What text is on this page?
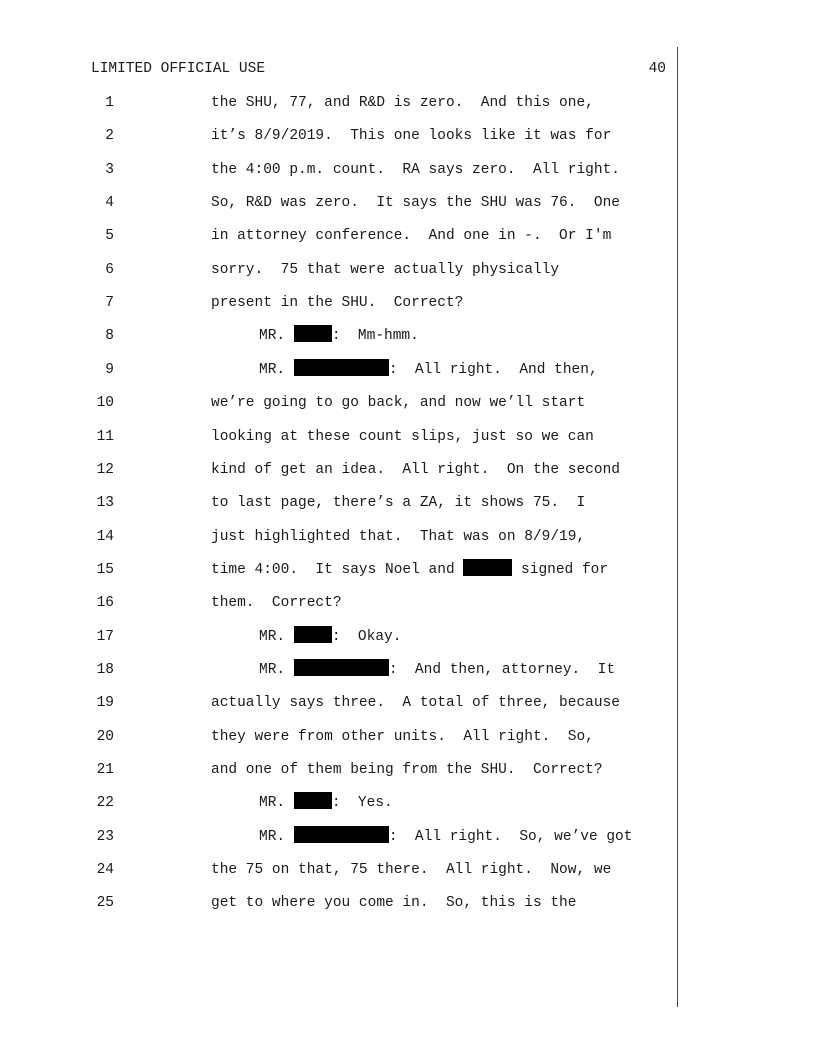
LIMITED OFFICIAL USE	40
1	the SHU, 77, and R&D is zero.  And this one,
2	it’s 8/9/2019.  This one looks like it was for
3	the 4:00 p.m. count.  RA says zero.  All right.
4	So, R&D was zero.  It says the SHU was 76.  One
5	in attorney conference.  And one in -.  Or I'm
6	sorry.  75 that were actually physically
7	present in the SHU.  Correct?
8	MR.	:  Mm-hmm.
9	MR.	:  All right.  And then,
10	we’re going to go back, and now we’ll start
11	looking at these count slips, just so we can
12	kind of get an idea.  All right.  On the second
13	to last page, there’s a ZA, it shows 75.  I
14	just highlighted that.  That was on 8/9/19,
15	time 4:00.  It says Noel and	signed for
16	them.  Correct?
17	MR.	:  Okay.
18	MR.	:  And then, attorney.  It
19	actually says three.  A total of three, because
20	they were from other units.  All right.  So,
21	and one of them being from the SHU.  Correct?
22	MR.	:  Yes.
23	MR.	:  All right.  So, we’ve got
24	the 75 on that, 75 there.  All right.  Now, we
25	get to where you come in.  So, this is the
